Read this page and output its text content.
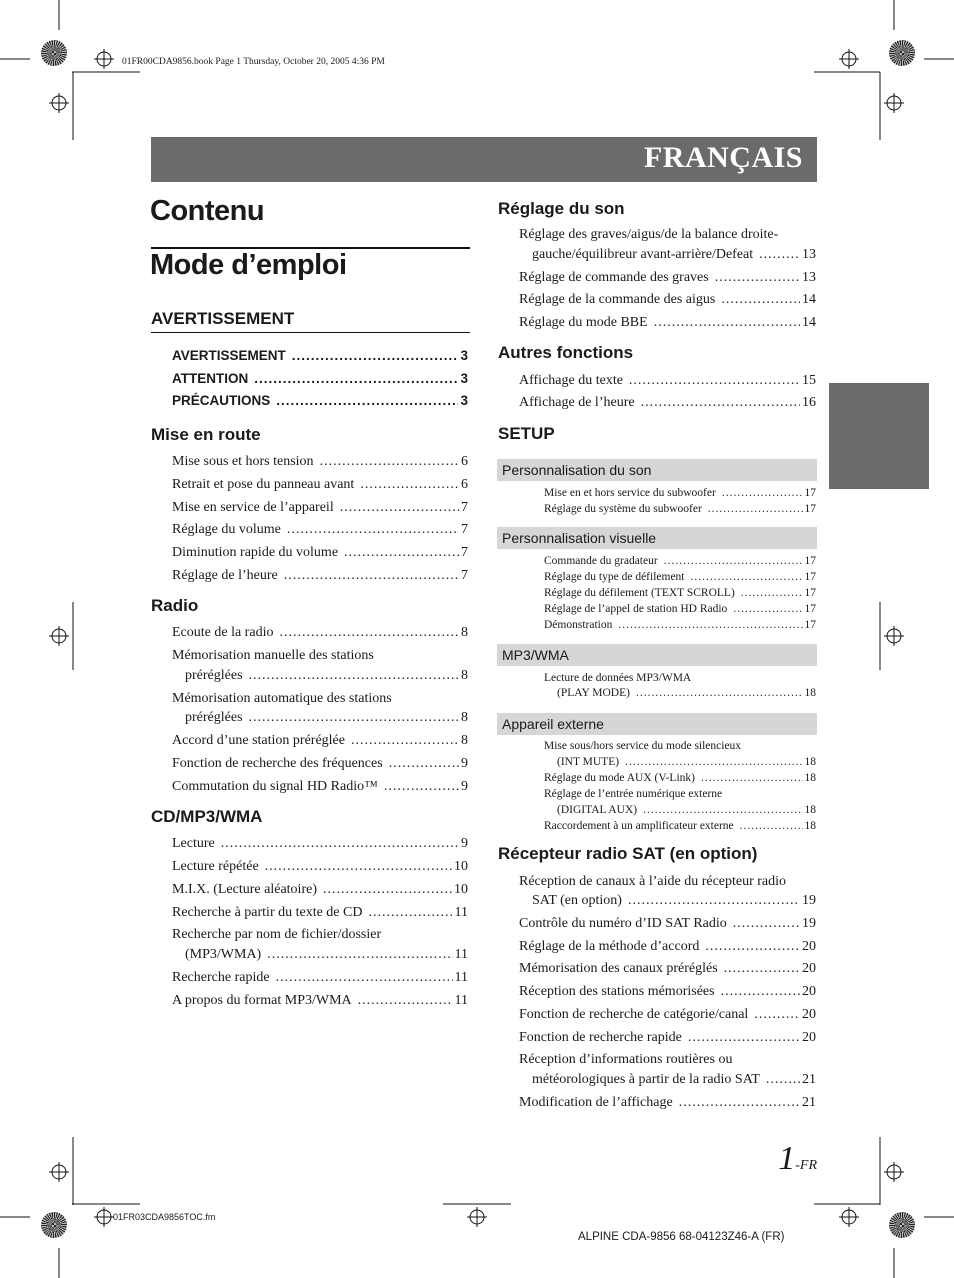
01FR00CDA9856.book Page 1 Thursday, October 20, 2005 4:36 PM
FRANÇAIS
Contenu
Mode d’emploi
AVERTISSEMENT
AVERTISSEMENT .....	3
ATTENTION .....	3
PRÉCAUTIONS .....	3
Mise en route
Mise sous et hors tension .....	6
Retrait et pose du panneau avant .....	6
Mise en service de l’appareil .....	7
Réglage du volume .....	7
Diminution rapide du volume .....	7
Réglage de l’heure .....	7
Radio
Ecoute de la radio .....	8
Mémorisation manuelle des stations
préréglées .....	8
Mémorisation automatique des stations
préréglées .....	8
Accord d’une station préréglée .....	8
Fonction de recherche des fréquences .....	9
Commutation du signal HD Radio™ .....	9
CD/MP3/WMA
Lecture .....	9
Lecture répétée .....	10
M.I.X. (Lecture aléatoire) .....	10
Recherche à partir du texte de CD .....	11
Recherche par nom de fichier/dossier
(MP3/WMA) .....	11
Recherche rapide .....	11
A propos du format MP3/WMA .....	11
Réglage du son
Réglage des graves/aigus/de la balance droite-
gauche/équilibreur avant-arrière/Defeat .....	13
Réglage de commande des graves .....	13
Réglage de la commande des aigus .....	14
Réglage du mode BBE .....	14
Autres fonctions
Affichage du texte .....	15
Affichage de l’heure .....	16
SETUP
Personnalisation du son
Mise en et hors service du subwoofer .....	17
Réglage du système du subwoofer .....	17
Personnalisation visuelle
Commande du gradateur .....	17
Réglage du type de défilement .....	17
Réglage du défilement (TEXT SCROLL) .....	17
Réglage de l’appel de station HD Radio .....	17
Démonstration .....	17
MP3/WMA
Lecture de données MP3/WMA
(PLAY MODE) .....	18
Appareil externe
Mise sous/hors service du mode silencieux
(INT MUTE) .....	18
Réglage du mode AUX (V-Link) .....	18
Réglage de l’entrée numérique externe
(DIGITAL AUX) .....	18
Raccordement à un amplificateur externe .....	18
Récepteur radio SAT (en option)
Réception de canaux à l’aide du récepteur radio
SAT (en option) .....	19
Contrôle du numéro d’ID SAT Radio .....	19
Réglage de la méthode d’accord .....	20
Mémorisation des canaux préréglés .....	20
Réception des stations mémorisées .....	20
Fonction de recherche de catégorie/canal .....	20
Fonction de recherche rapide .....	20
Réception d’informations routières ou
météorologiques à partir de la radio SAT .....	21
Modification de l’affichage .....	21
1-FR
01FR03CDA9856TOC.fm
ALPINE CDA-9856 68-04123Z46-A (FR)
